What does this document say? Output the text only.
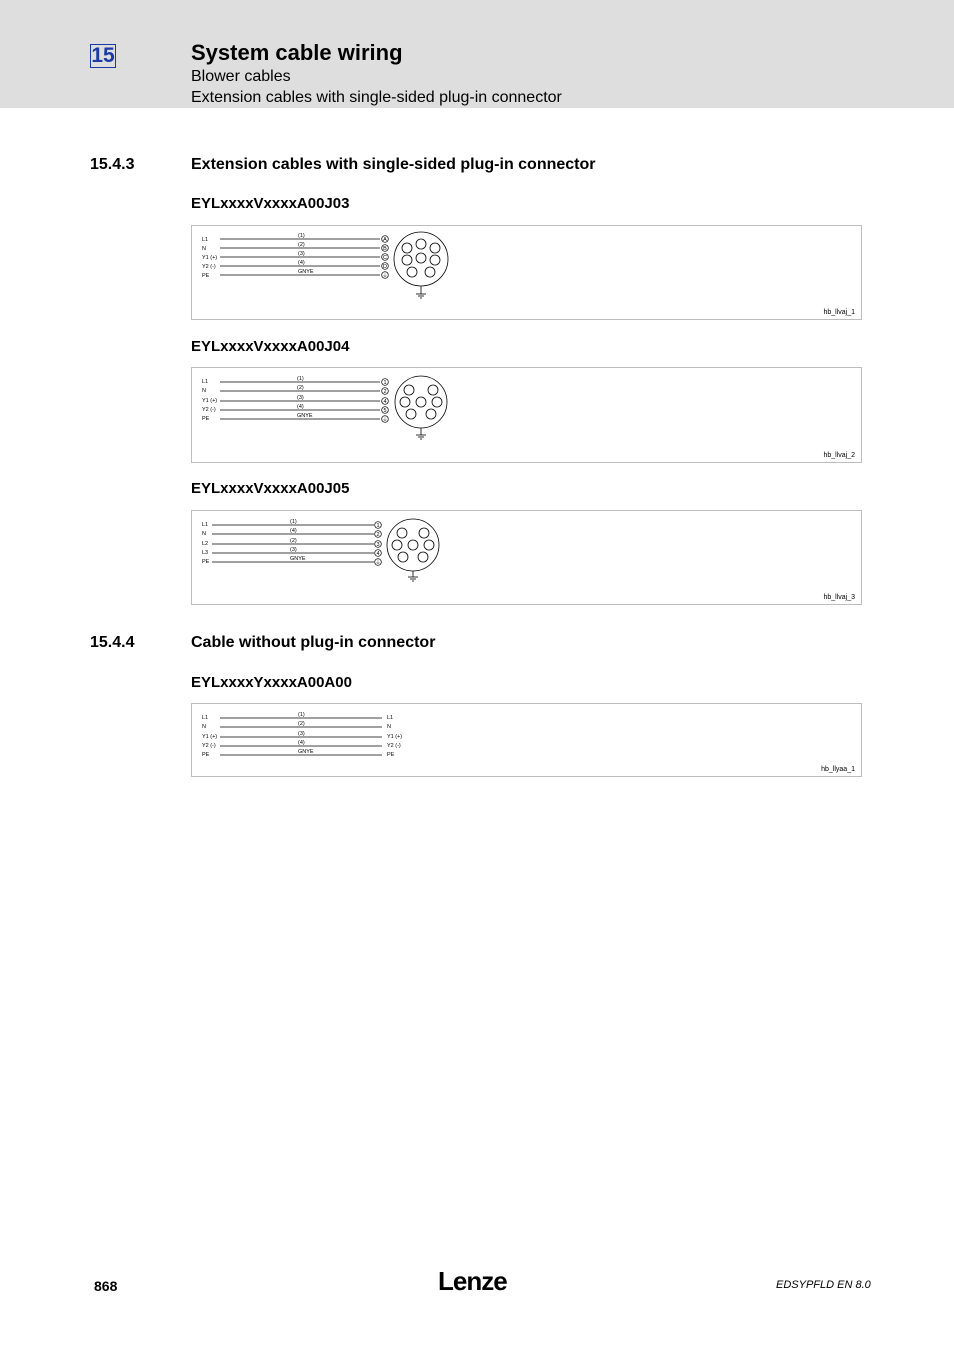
15	System cable wiring
Blower cables
Extension cables with single-sided plug-in connector
15.4.3	Extension cables with single-sided plug-in connector
EYLxxxxVxxxxA00J03
L1
N
Y1 (+)
Y2 (-)
PE
(1)
(2)
(3)
(4)
GNYE
A
B
C
D
⏚
hb_llvaj_1
EYLxxxxVxxxxA00J04
L1
N
Y1 (+)
Y2 (-)
PE
(1)
(2)
(3)
(4)
GNYE
1
2
4
5
⏚
hb_llvaj_2
EYLxxxxVxxxxA00J05
L1
N
L2
L3
PE
(1)
(4)
(2)
(3)
GNYE
1
2
3
4
⏚
hb_llvaj_3
15.4.4	Cable without plug-in connector
EYLxxxxYxxxxA00A00
L1
N
Y1 (+)
Y2 (-)
PE
(1)
(2)
(3)
(4)
GNYE
L1
N
Y1 (+)
Y2 (-)
PE
hb_llyaa_1
868	Lenze	EDSYPFLD EN 8.0
